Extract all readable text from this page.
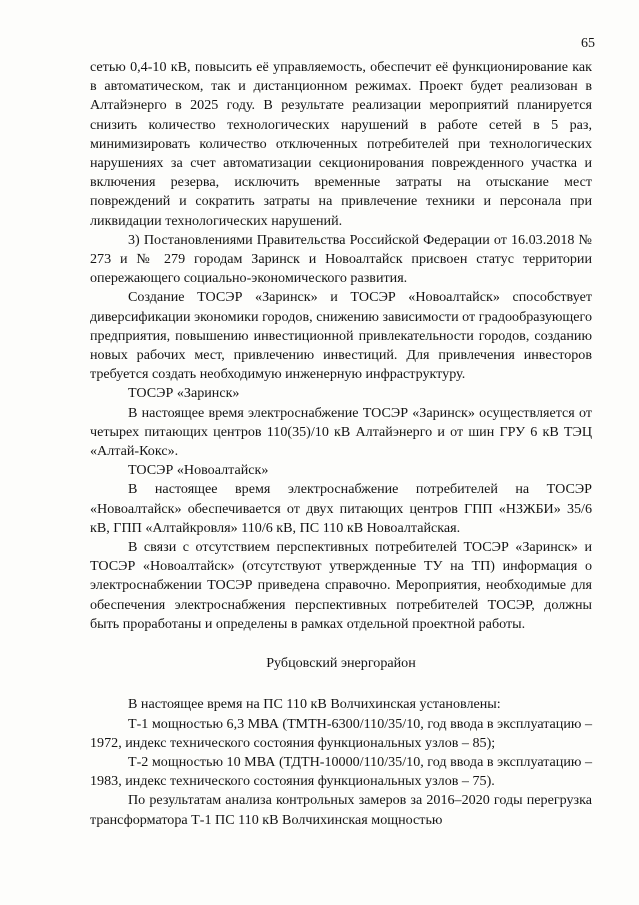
65

сетью 0,4-10 кВ, повысить её управляемость, обеспечит её функционирование как в автоматическом, так и дистанционном режимах. Проект будет реализован в Алтайэнерго в 2025 году. В результате реализации мероприятий планируется снизить количество технологических нарушений в работе сетей в 5 раз, минимизировать количество отключенных потребителей при технологических нарушениях за счет автоматизации секционирования поврежденного участка и включения резерва, исключить временные затраты на отыскание мест повреждений и сократить затраты на привлечение техники и персонала при ликвидации технологических нарушений.

3) Постановлениями Правительства Российской Федерации от 16.03.2018 № 273 и № 279 городам Заринск и Новоалтайск присвоен статус территории опережающего социально-экономического развития.

Создание ТОСЭР «Заринск» и ТОСЭР «Новоалтайск» способствует диверсификации экономики городов, снижению зависимости от градообразующего предприятия, повышению инвестиционной привлекательности городов, созданию новых рабочих мест, привлечению инвестиций. Для привлечения инвесторов требуется создать необходимую инженерную инфраструктуру.

ТОСЭР «Заринск»

В настоящее время электроснабжение ТОСЭР «Заринск» осуществляется от четырех питающих центров 110(35)/10 кВ Алтайэнерго и от шин ГРУ 6 кВ ТЭЦ «Алтай-Кокс».

ТОСЭР «Новоалтайск»

В настоящее время электроснабжение потребителей на ТОСЭР «Новоалтайск» обеспечивается от двух питающих центров ГПП «НЗЖБИ» 35/6 кВ, ГПП «Алтайкровля» 110/6 кВ, ПС 110 кВ Новоалтайская.

В связи с отсутствием перспективных потребителей ТОСЭР «Заринск» и ТОСЭР «Новоалтайск» (отсутствуют утвержденные ТУ на ТП) информация о электроснабжении ТОСЭР приведена справочно. Мероприятия, необходимые для обеспечения электроснабжения перспективных потребителей ТОСЭР, должны быть проработаны и определены в рамках отдельной проектной работы.

Рубцовский энергорайон

В настоящее время на ПС 110 кВ Волчихинская установлены:

Т-1 мощностью 6,3 МВА (ТМТН-6300/110/35/10, год ввода в эксплуатацию – 1972, индекс технического состояния функциональных узлов – 85);

Т-2 мощностью 10 МВА (ТДТН-10000/110/35/10, год ввода в эксплуатацию – 1983, индекс технического состояния функциональных узлов – 75).

По результатам анализа контрольных замеров за 2016–2020 годы перегрузка трансформатора Т-1 ПС 110 кВ Волчихинская мощностью
